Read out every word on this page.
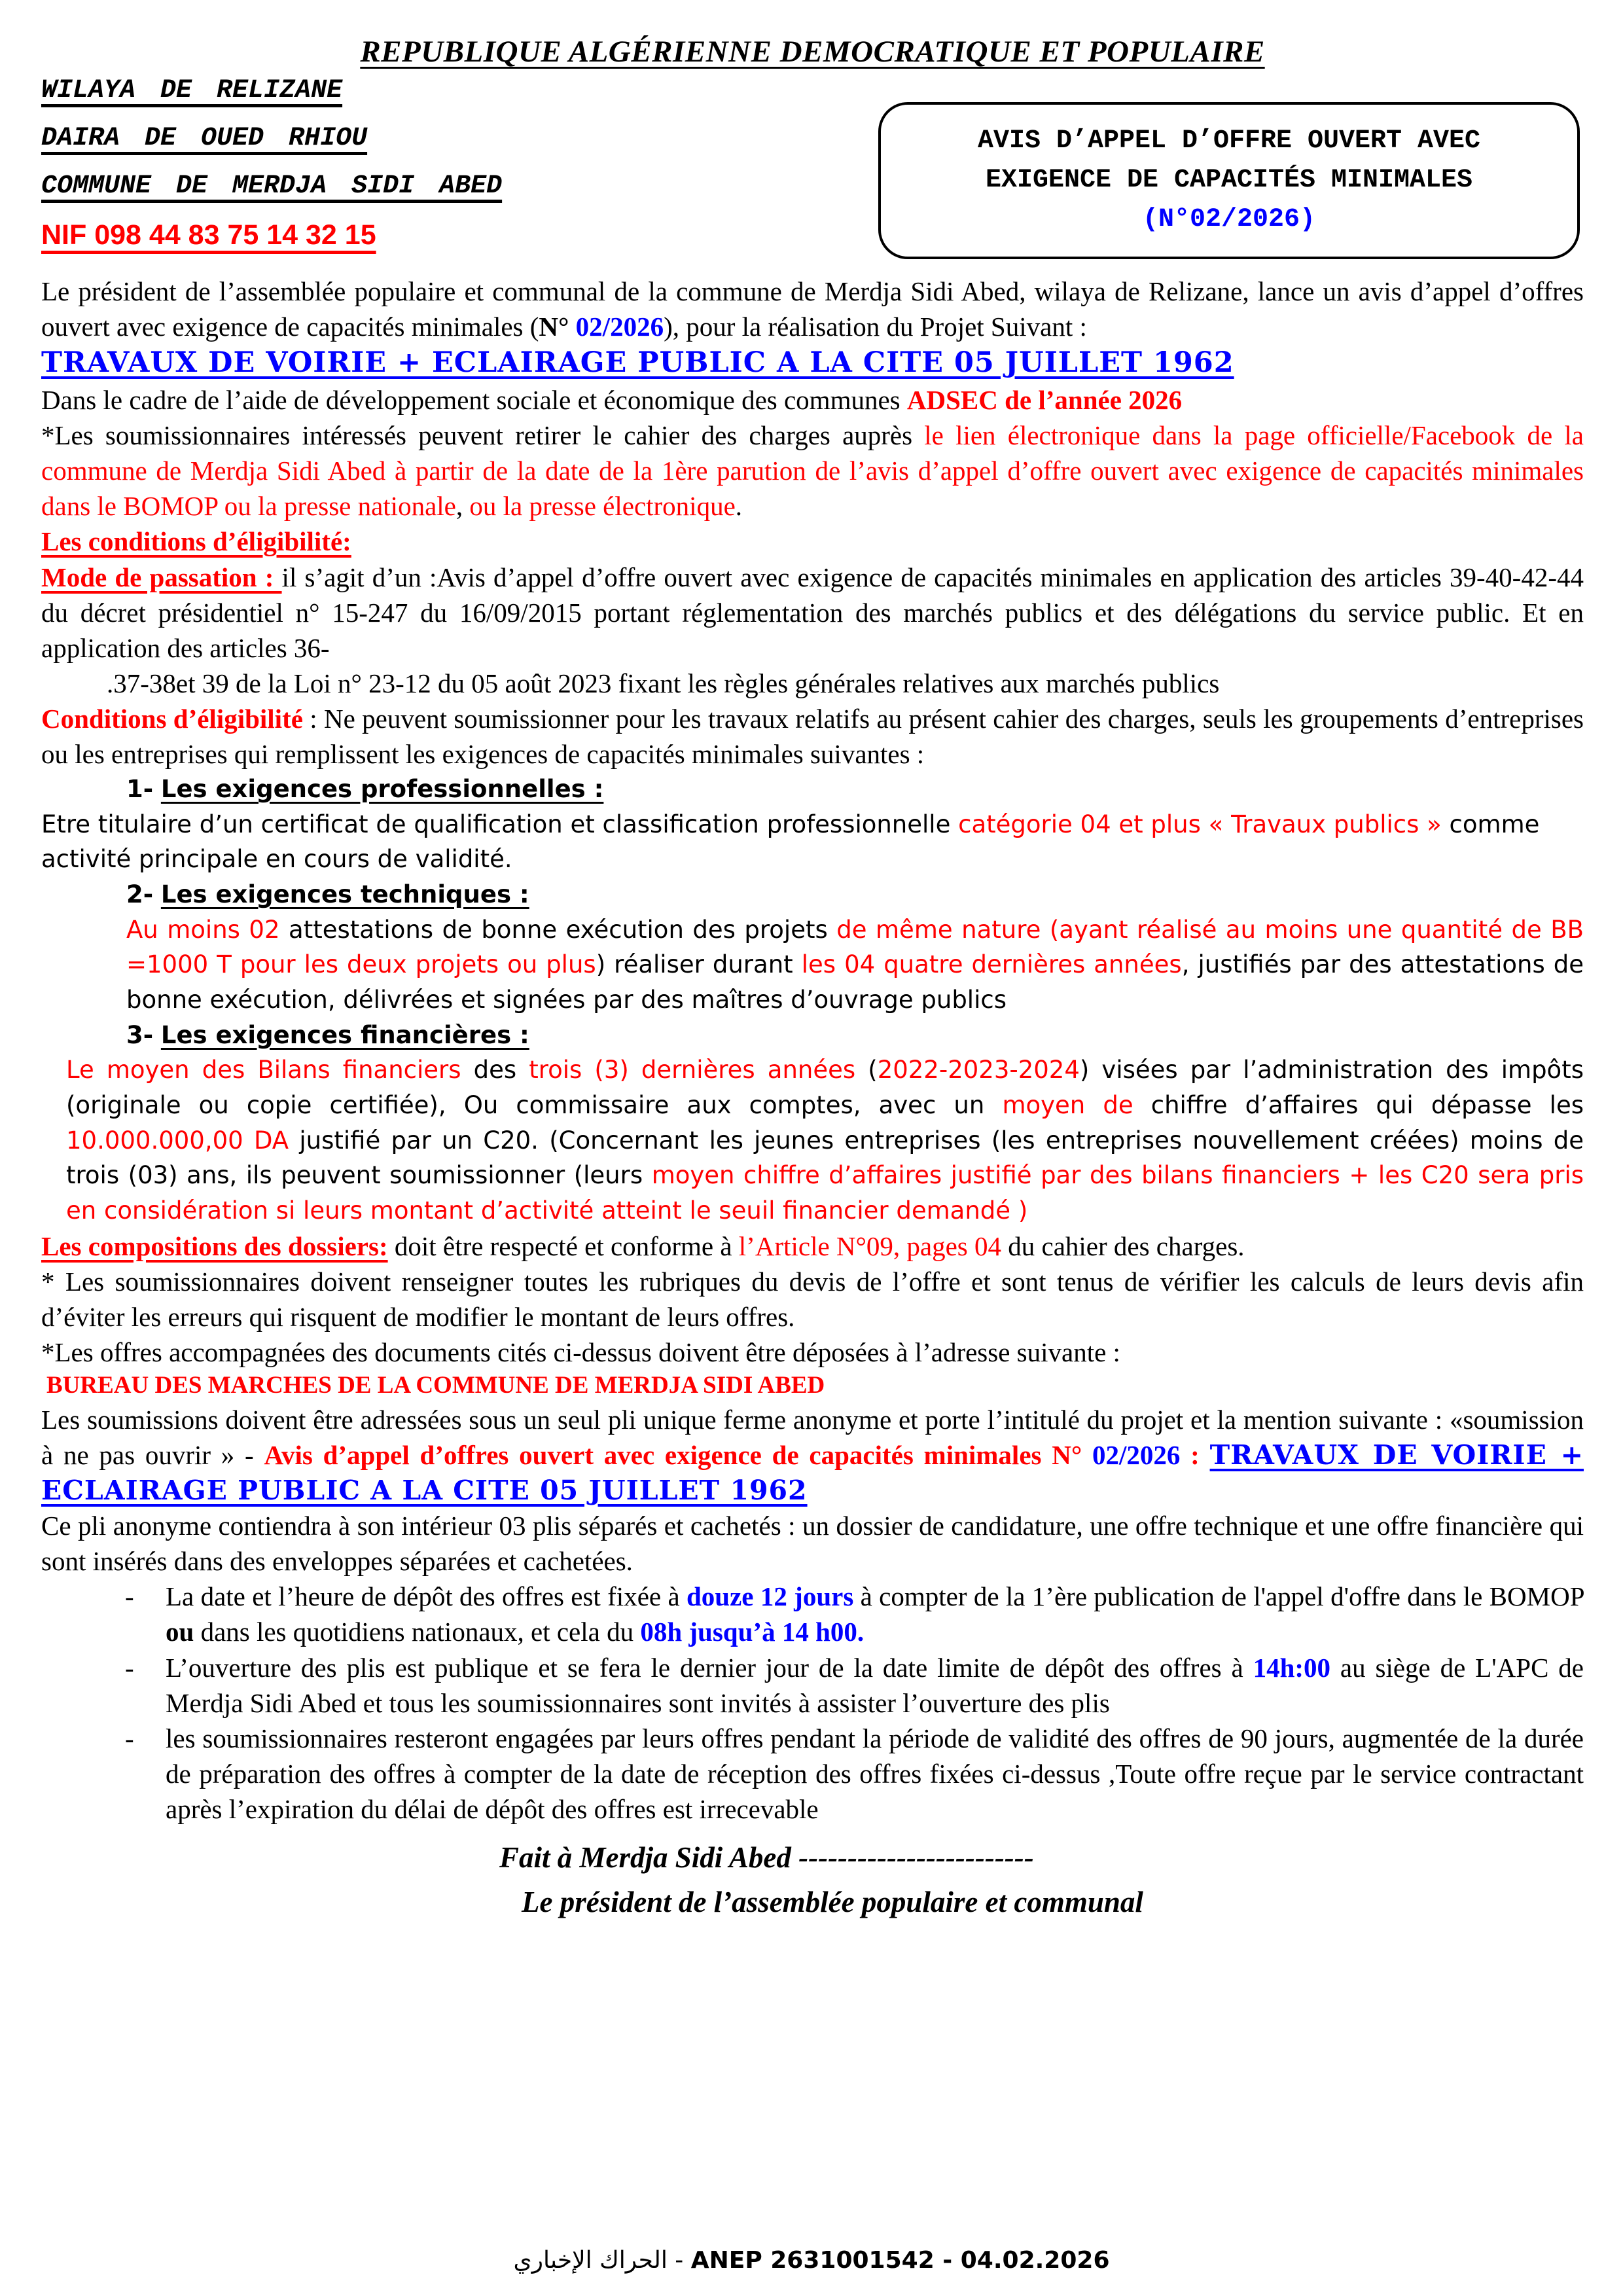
REPUBLIQUE ALGÉRIENNE DEMOCRATIQUE ET POPULAIRE
WILAYA DE RELIZANE
DAIRA DE OUED RHIOU
COMMUNE DE MERDJA SIDI ABED
NIF 098 44 83 75 14 32 15
AVIS D’APPEL D’OFFRE OUVERT AVEC
EXIGENCE DE CAPACITÉS MINIMALES
(N°02/2026)
Le président de l’assemblée populaire et communal de la commune de Merdja Sidi Abed, wilaya de Relizane, lance un avis d’appel d’offres ouvert avec exigence de capacités minimales (N° 02/2026), pour la réalisation du Projet Suivant :
TRAVAUX DE VOIRIE + ECLAIRAGE PUBLIC A LA CITE 05 JUILLET 1962
Dans le cadre de l’aide de développement sociale et économique des communes ADSEC de l’année 2026
*Les soumissionnaires intéressés peuvent retirer le cahier des charges auprès le lien électronique dans la page officielle/Facebook de la commune de Merdja Sidi Abed à partir de la date de la 1ère parution de l’avis d’appel d’offre ouvert avec exigence de capacités minimales dans le BOMOP ou la presse nationale, ou la presse électronique.
Les conditions d’éligibilité:
Mode de passation : il s’agit d’un :Avis d’appel d’offre ouvert avec exigence de capacités minimales en application des articles 39-40-42-44 du décret présidentiel n° 15-247 du 16/09/2015 portant réglementation des marchés publics et des délégations du service public. Et en application des articles 36-
.37-38et 39 de la Loi n° 23-12 du 05 août 2023 fixant les règles générales relatives aux marchés publics
Conditions d’éligibilité : Ne peuvent soumissionner pour les travaux relatifs au présent cahier des charges, seuls les groupements d’entreprises ou les entreprises qui remplissent les exigences de capacités minimales suivantes :
1- Les exigences professionnelles :
Etre titulaire d’un certificat de qualification et classification professionnelle catégorie 04 et plus « Travaux publics » comme activité principale en cours de validité.
2- Les exigences techniques :
Au moins 02 attestations de bonne exécution des projets de même nature (ayant réalisé au moins une quantité de BB =1000 T pour les deux projets ou plus) réaliser durant les 04 quatre dernières années, justifiés par des attestations de bonne exécution, délivrées et signées par des maîtres d’ouvrage publics
3- Les exigences financières :
Le moyen des Bilans financiers des trois (3) dernières années (2022-2023-2024) visées par l’administration des impôts (originale ou copie certifiée), Ou commissaire aux comptes, avec un moyen de chiffre d’affaires qui dépasse les 10.000.000,00 DA justifié par un C20. (Concernant les jeunes entreprises (les entreprises nouvellement créées) moins de trois (03) ans, ils peuvent soumissionner (leurs moyen chiffre d’affaires justifié par des bilans financiers + les C20 sera pris en considération si leurs montant d’activité atteint le seuil financier demandé )
Les compositions des dossiers: doit être respecté et conforme à l’Article N°09, pages 04 du cahier des charges.
* Les soumissionnaires doivent renseigner toutes les rubriques du devis de l’offre et sont tenus de vérifier les calculs de leurs devis afin d’éviter les erreurs qui risquent de modifier le montant de leurs offres.
*Les offres accompagnées des documents cités ci-dessus doivent être déposées à l’adresse suivante :
BUREAU DES MARCHES DE LA COMMUNE DE MERDJA SIDI ABED
Les soumissions doivent être adressées sous un seul pli unique ferme anonyme et porte l’intitulé du projet et la mention suivante : «soumission à ne pas ouvrir » - Avis d’appel d’offres ouvert avec exigence de capacités minimales N° 02/2026 : TRAVAUX DE VOIRIE + ECLAIRAGE PUBLIC A LA CITE 05 JUILLET 1962
Ce pli anonyme contiendra à son intérieur 03 plis séparés et cachetés : un dossier de candidature, une offre technique et une offre financière qui sont insérés dans des enveloppes séparées et cachetées.
-	La date et l’heure de dépôt des offres est fixée à douze 12 jours à compter de la 1’ère publication de l'appel d'offre dans le BOMOP ou dans les quotidiens nationaux, et cela du 08h jusqu’à 14 h00.
-	L’ouverture des plis est publique et se fera le dernier jour de la date limite de dépôt des offres à 14h:00 au siège de L'APC de Merdja Sidi Abed et tous les soumissionnaires sont invités à assister l’ouverture des plis
-	les soumissionnaires resteront engagées par leurs offres pendant la période de validité des offres de 90 jours, augmentée de la durée de préparation des offres à compter de la date de réception des offres fixées ci-dessus ,Toute offre reçue par le service contractant après l’expiration du délai de dépôt des offres est irrecevable
Fait à Merdja Sidi Abed ------------------------
Le président de l’assemblée populaire et communal
الحراك الإخباري - ANEP 2631001542 - 04.02.2026
